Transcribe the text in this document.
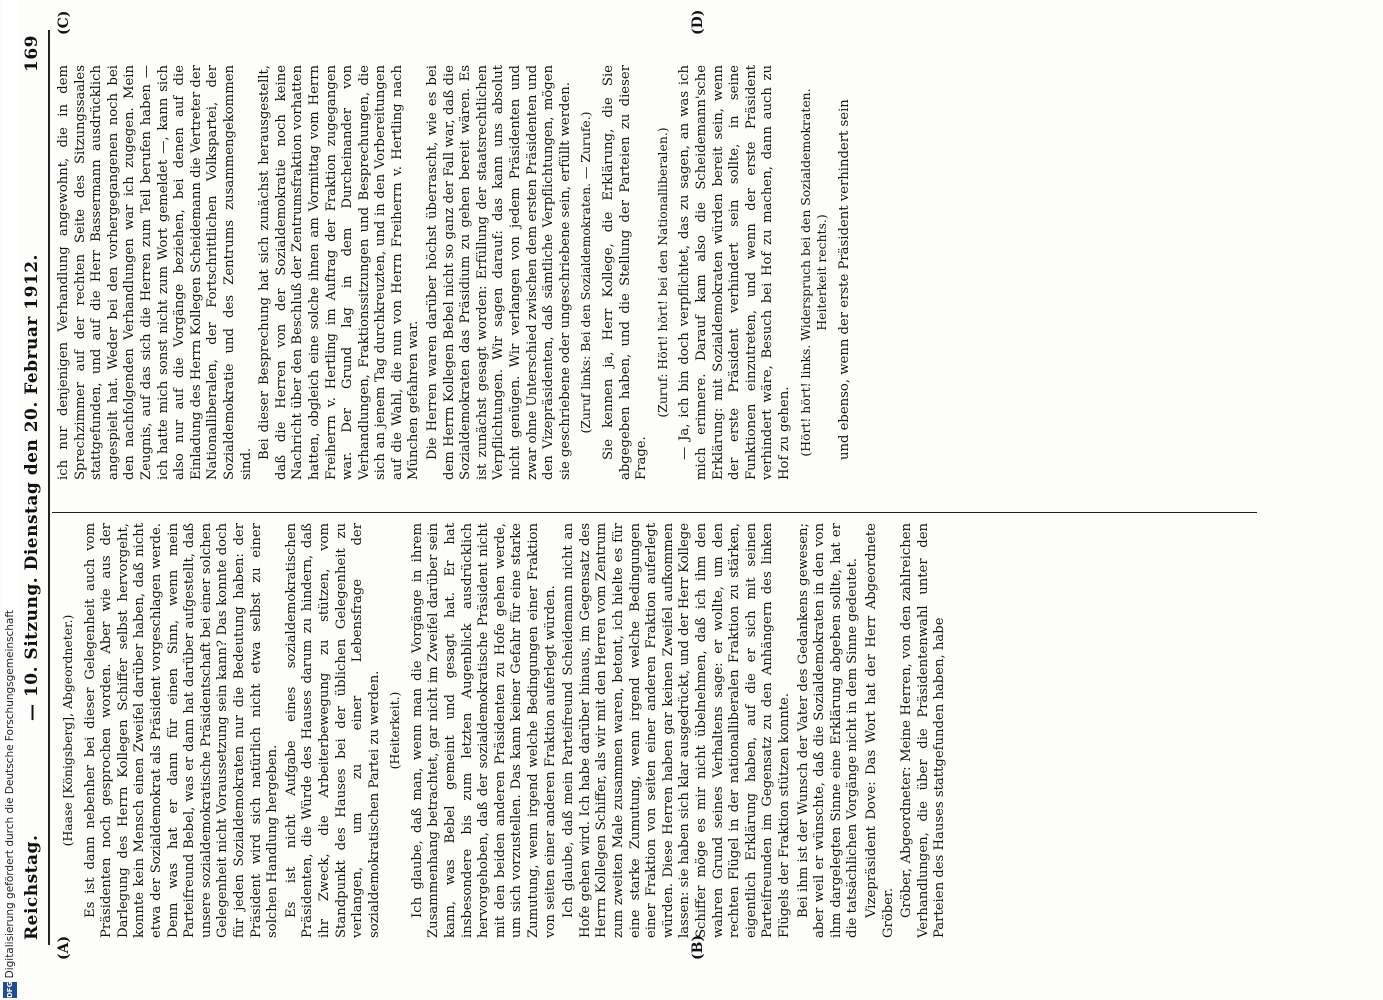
Reichstag.
— 10. Sitzung. Dienstag den 20. Februar 1912.
169
(A)	(B)
(C)	(D)

(Haase [Königsberg], Abgeordneter.) Es ist dann nebenher bei dieser Gelegenheit auch vom Präsidenten noch gesprochen worden. Aber wie aus der Darlegung des Herrn Kollegen Schiffer selbst hervorgeht, konnte kein Mensch einen Zweifel darüber haben, daß nicht etwa der Sozialdemokrat als Präsident vorgeschlagen werde. Denn was hat er dann für einen Sinn, wenn mein Parteifreund Bebel, was er dann hat darüber aufgestellt, daß unsere sozialdemokratische Präsidentschaft bei einer solchen Gelegenheit nicht Voraussetzung sein kann? Das konnte doch für jeden Sozialdemokraten nur die Bedeutung haben: der Präsident wird sich natürlich nicht etwa selbst zu einer solchen Handlung hergeben. Es ist nicht Aufgabe eines sozialdemokratischen Präsidenten, die Würde des Hauses darum zu hindern, daß ihr Zweck, die Arbeiterbewegung zu stützen, vom Standpunkt des Hauses bei der üblichen Gelegenheit zu verlangen, um zu einer Lebensfrage der sozialdemokratischen Partei zu werden. (Heiterkeit.) Ich glaube, daß man, wenn man die Vorgänge in ihrem Zusammenhang betrachtet, gar nicht im Zweifel darüber sein kann, was Bebel gemeint und gesagt hat. Er hat insbesondere bis zum letzten Augenblick ausdrücklich hervorgehoben, daß der sozialdemokratische Präsident nicht mit den beiden anderen Präsidenten zu Hofe gehen werde, um sich vorzustellen. Das kann keiner Gefahr für eine starke Zumutung, wenn irgend welche Bedingungen einer Fraktion von seiten einer anderen Fraktion auferlegt würden. Ich glaube, daß mein Parteifreund Scheidemann nicht an Hofe gehen wird. Ich habe darüber hinaus, im Gegensatz des Herrn Kollegen Schiffer, als wir mit den Herren vom Zentrum zum zweiten Male zusammen waren, betont, ich hielte es für eine starke Zumutung, wenn irgend welche Bedingungen einer Fraktion von seiten einer anderen Fraktion auferlegt würden. Diese Herren haben gar keinen Zweifel aufkommen lassen: sie haben sich klar ausgedrückt, und der Herr Kollege Schiffer möge es mir nicht übelnehmen, daß ich ihm den wahren Grund seines Verhaltens sage: er wollte, um den rechten Flügel in der nationalliberalen Fraktion zu stärken, eigentlich Erklärung haben, auf die er sich mit seinen Parteifreunden im Gegensatz zu den Anhängern des linken Flügels der Fraktion stützen konnte. Bei ihm ist der Wunsch der Vater des Gedankens gewesen; aber weil er wünschte, daß die Sozialdemokraten in den von ihm dargelegten Sinne eine Erklärung abgeben sollte, hat er die tatsächlichen Vorgänge nicht in dem Sinne gedeutet. Vizepräsident Dove: Das Wort hat der Herr Abgeordnete Gröber. Gröber, Abgeordneter: Meine Herren, von den zahlreichen Verhandlungen, die über die Präsidentenwahl unter den Parteien des Hauses stattgefunden haben, habe

ich nur denjenigen Verhandlung angewohnt, die in dem Sprechzimmer auf der rechten Seite des Sitzungssaales stattgefunden, und auf die Herr Bassermann ausdrücklich angespielt hat. Weder bei den vorhergegangenen noch bei den nachfolgenden Verhandlungen war ich zugegen. Mein Zeugnis, auf das sich die Herren zum Teil berufen haben — ich hatte mich sonst nicht zum Wort gemeldet —, kann sich also nur auf die Vorgänge beziehen, bei denen auf die Einladung des Herrn Kollegen Scheidemann die Vertreter der Nationalliberalen, der Fortschrittlichen Volkspartei, der Sozialdemokratie und des Zentrums zusammengekommen sind.

Bei dieser Besprechung hat sich zunächst herausgestellt, daß die Herren von der Sozialdemokratie noch keine Nachricht über den Beschluß der Zentrumsfraktion vorhatten hatten, obgleich eine solche ihnen am Vormittag vom Herrn Freiherrn v. Hertling im Auftrag der Fraktion zugegangen war. Der Grund lag in dem Durcheinander von Verhandlungen, Fraktionssitzungen und Besprechungen, die sich an jenem Tag durchkreuzten, und in den Vorbereitungen auf die Wahl, die nun von Herrn Freiherrn v. Hertling nach München gefahren war. Die Herren waren darüber höchst überrascht, wie es bei dem Herrn Kollegen Bebel nicht so ganz der Fall war, daß die Sozialdemokraten das Präsidium zu gehen bereit wären. Es ist zunächst gesagt worden: Erfüllung der staatsrechtlichen Verpflichtungen. Wir sagen darauf: das kann uns absolut nicht genügen. Wir verlangen von jedem Präsidenten und zwar ohne Unterschied zwischen dem ersten Präsidenten und den Vizepräsidenten, daß sämtliche Verpflichtungen, mögen sie geschriebene oder ungeschriebene sein, erfüllt werden. (Zuruf links: Bei den Sozialdemokraten. — Zurufe.) Sie kennen ja, Herr Kollege, die Erklärung, die Sie abgegeben haben, und die Stellung der Parteien zu dieser Frage.

(Zuruf: Hört! hört! bei den Nationalliberalen.) — Ja, ich bin doch verpflichtet, das zu sagen, an was ich mich erinnere. Darauf kam also die Scheidemann'sche Erklärung: mit Sozialdemokraten würden bereit sein, wenn der erste Präsident verhindert sein sollte, in seine Funktionen einzutreten, und wenn der erste Präsident verhindert wäre, Besuch bei Hof zu machen, dann auch zu Hof zu gehen. (Hört! hört! links. Widerspruch bei den Sozialdemokraten. Heiterkeit rechts.) und ebenso, wenn der erste Präsident verhindert sein

Digitalisierung gefördert durch die Deutsche Forschungsgemeinschaft
DFG
